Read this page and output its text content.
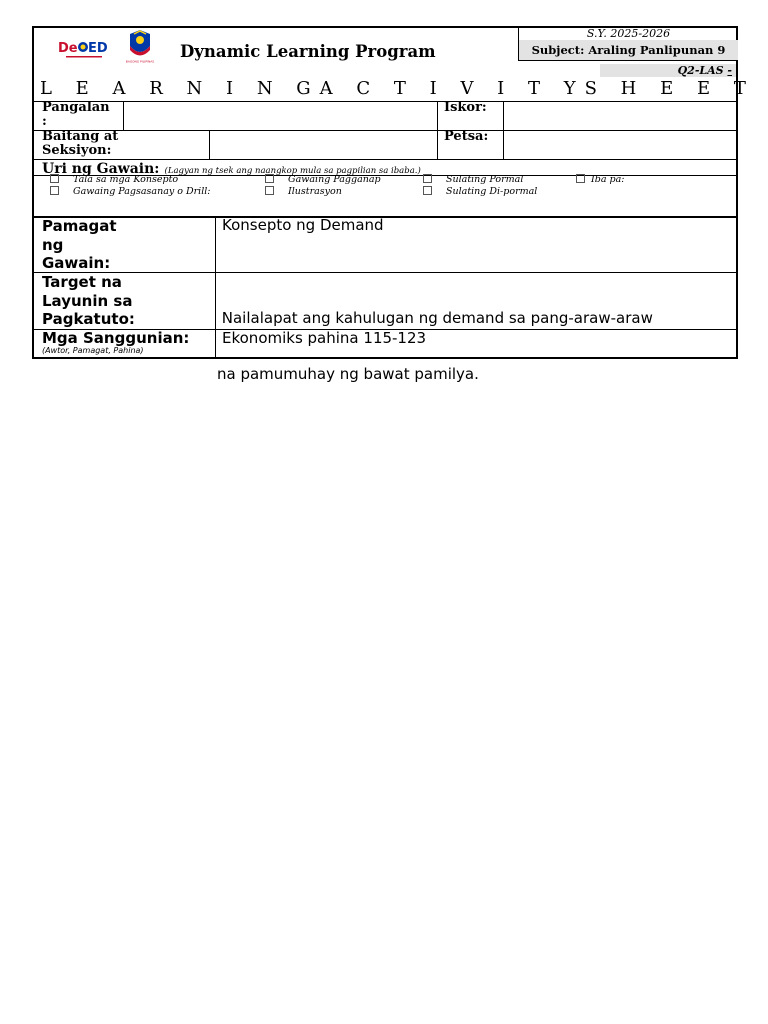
De ED
BAGONG PILIPINAS
Dynamic Learning Program
S.Y. 2025-2026
Subject: Araling Panlipunan 9
Q2-LAS -
L E A R N I N GA C T I V I T YS H E E T
Pangalan
:
Iskor:
Baitang at
Seksiyon:
Petsa:
Uri ng Gawain: (Lagyan ng tsek ang naangkop mula sa pagpilian sa ibaba.)
Tala sa mga Konsepto
Gawaing Pagsasanay o Drill:
Gawaing Pagganap
Ilustrasyon
Sulating Pormal
Sulating Di-pormal
Iba pa:
Pamagat
ng
Gawain:
Konsepto ng Demand
Target na
Layunin sa
Pagkatuto:

	Nailalapat ang kahulugan ng demand sa pang-araw-araw

na pamumuhay ng bawat pamilya.

Mga Sanggunian:
(Awtor, Pamagat, Pahina)
Ekonomiks pahina 115-123
